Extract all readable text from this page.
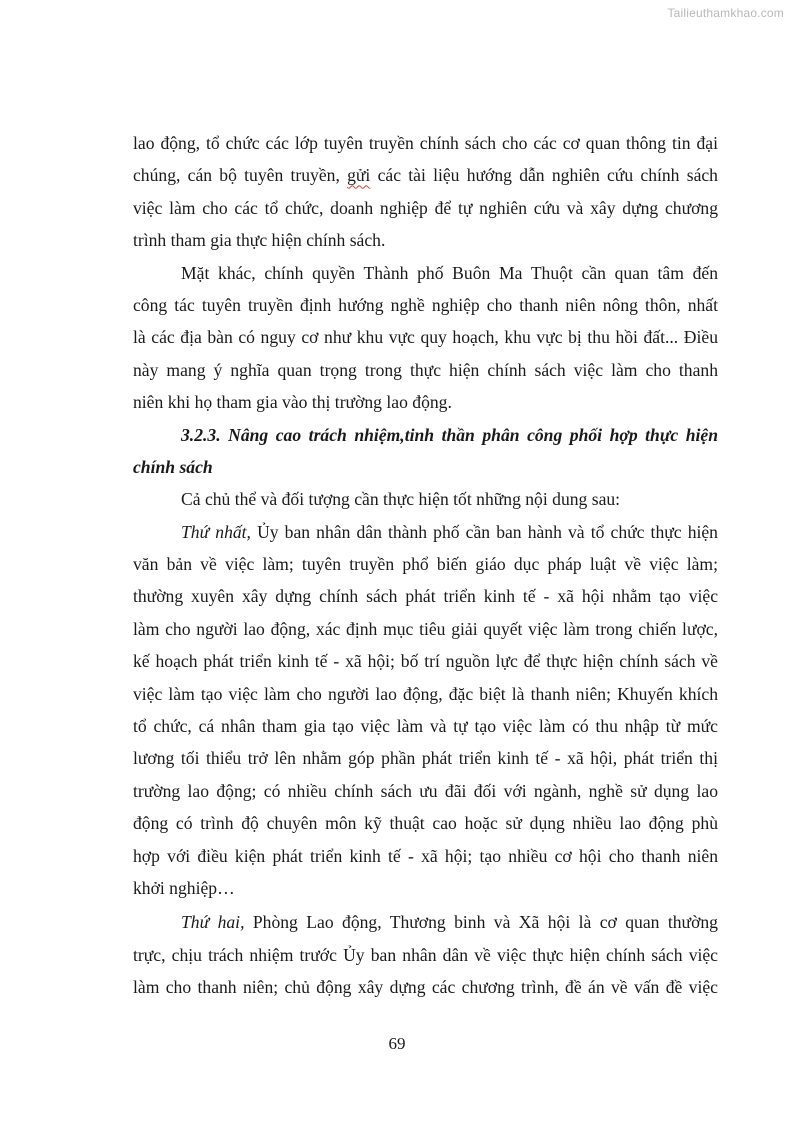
Tailieuthamkhao.com
lao động, tổ chức các lớp tuyên truyền chính sách cho các cơ quan thông tin đại
chúng, cán bộ tuyên truyền, gửi các tài liệu hướng dẫn nghiên cứu chính sách
việc làm cho các tổ chức, doanh nghiệp để tự nghiên cứu và xây dựng chương
trình tham gia thực hiện chính sách.
Mặt khác, chính quyền Thành phố Buôn Ma Thuột cần quan tâm đến
công tác tuyên truyền định hướng nghề nghiệp cho thanh niên nông thôn, nhất
là các địa bàn có nguy cơ như khu vực quy hoạch, khu vực bị thu hồi đất... Điều
này mang ý nghĩa quan trọng trong thực hiện chính sách việc làm cho thanh
niên khi họ tham gia vào thị trường lao động.
3.2.3. Nâng cao trách nhiệm,tinh thần phân công phối hợp thực hiện
chính sách
Cả chủ thể và đối tượng cần thực hiện tốt những nội dung sau:
Thứ nhất, Ủy ban nhân dân thành phố cần ban hành và tổ chức thực hiện
văn bản về việc làm; tuyên truyền phổ biến giáo dục pháp luật về việc làm;
thường xuyên xây dựng chính sách phát triển kinh tế - xã hội nhằm tạo việc
làm cho người lao động, xác định mục tiêu giải quyết việc làm trong chiến lược,
kế hoạch phát triển kinh tế - xã hội; bố trí nguồn lực để thực hiện chính sách về
việc làm tạo việc làm cho người lao động, đặc biệt là thanh niên; Khuyến khích
tổ chức, cá nhân tham gia tạo việc làm và tự tạo việc làm có thu nhập từ mức
lương tối thiểu trở lên nhằm góp phần phát triển kinh tế - xã hội, phát triển thị
trường lao động; có nhiều chính sách ưu đãi đối với ngành, nghề sử dụng lao
động có trình độ chuyên môn kỹ thuật cao hoặc sử dụng nhiều lao động phù
hợp với điều kiện phát triển kinh tế - xã hội; tạo nhiều cơ hội cho thanh niên
khởi nghiệp…
Thứ hai, Phòng Lao động, Thương binh và Xã hội là cơ quan thường
trực, chịu trách nhiệm trước Ủy ban nhân dân về việc thực hiện chính sách việc
làm cho thanh niên; chủ động xây dựng các chương trình, đề án về vấn đề việc
69
